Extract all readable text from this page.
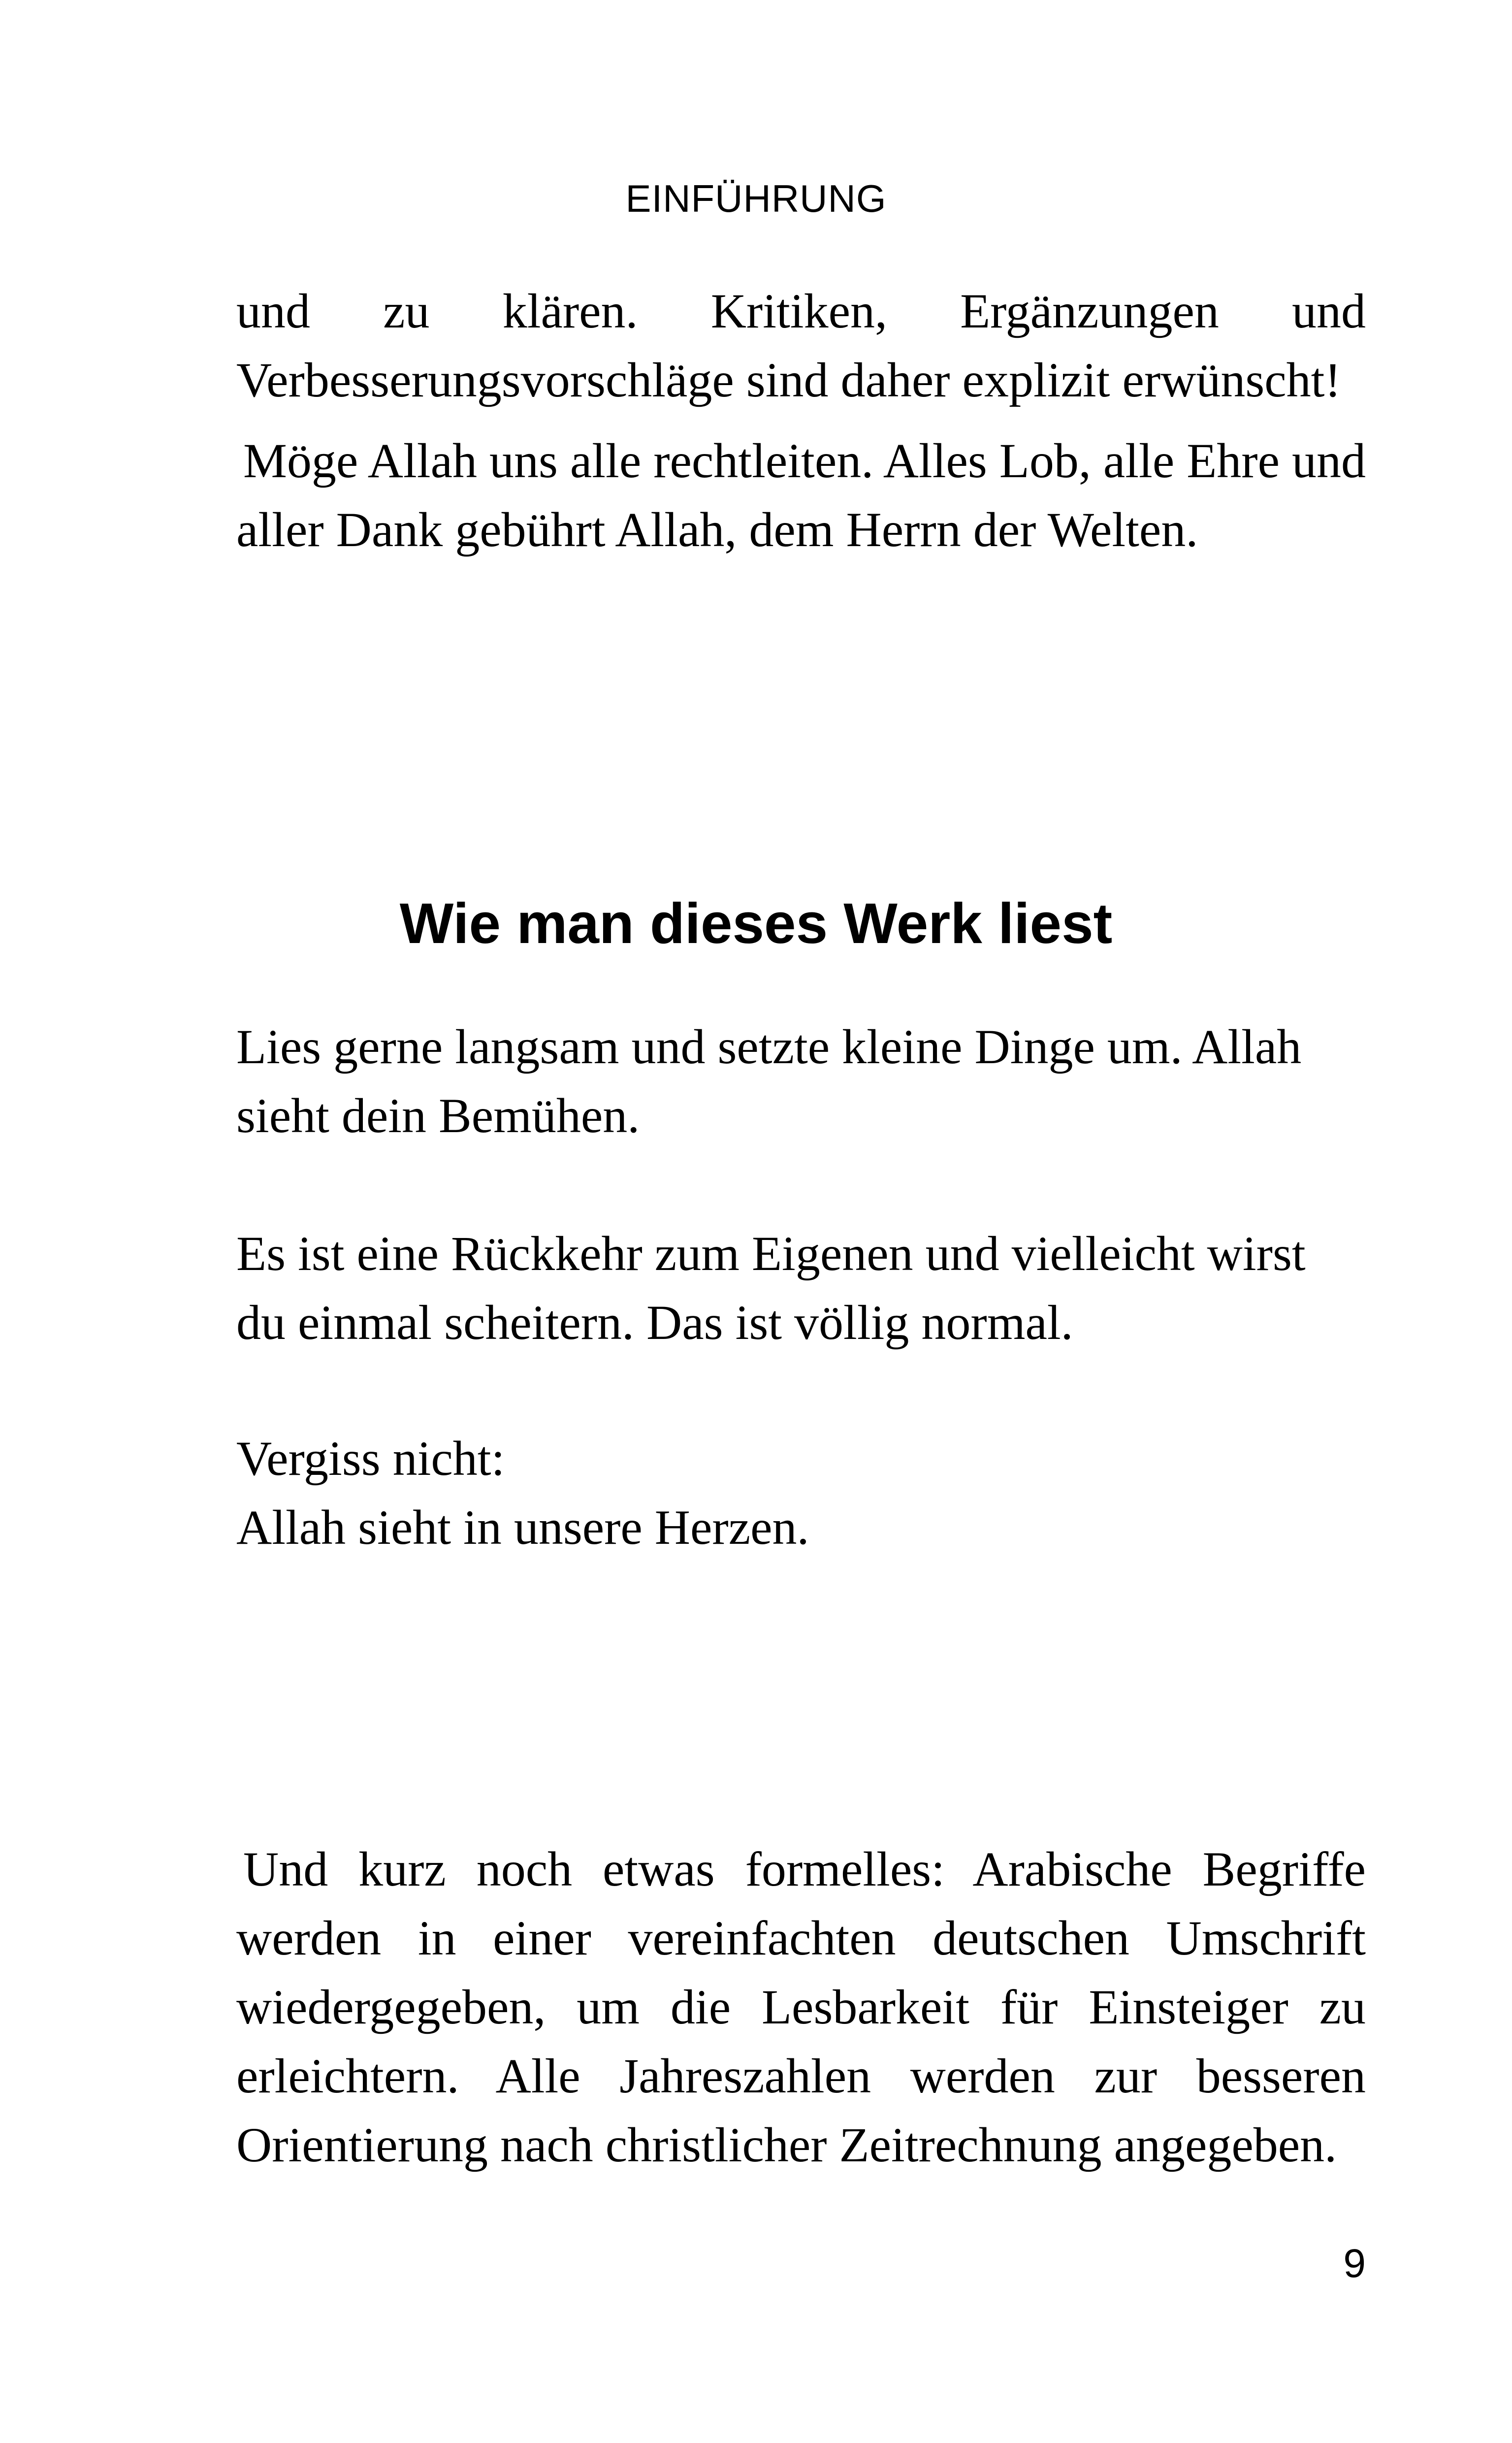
EINFÜHRUNG

und zu klären. Kritiken, Ergänzungen und Verbesserungsvorschläge sind daher explizit erwünscht!

Möge Allah uns alle rechtleiten. Alles Lob, alle Ehre und aller Dank gebührt Allah, dem Herrn der Welten.

Wie man dieses Werk liest
Lies gerne langsam und setzte kleine Dinge um. Allah
sieht dein Bemühen.
Es ist eine Rückkehr zum Eigenen und vielleicht wirst
du einmal scheitern. Das ist völlig normal.
Vergiss nicht:
Allah sieht in unsere Herzen.

Und kurz noch etwas formelles: Arabische Begriffe werden in einer vereinfachten deutschen Umschrift wiedergegeben, um die Lesbarkeit für Einsteiger zu erleichtern. Alle Jahreszahlen werden zur besseren Orientierung nach christlicher Zeitrechnung angegeben.

9
